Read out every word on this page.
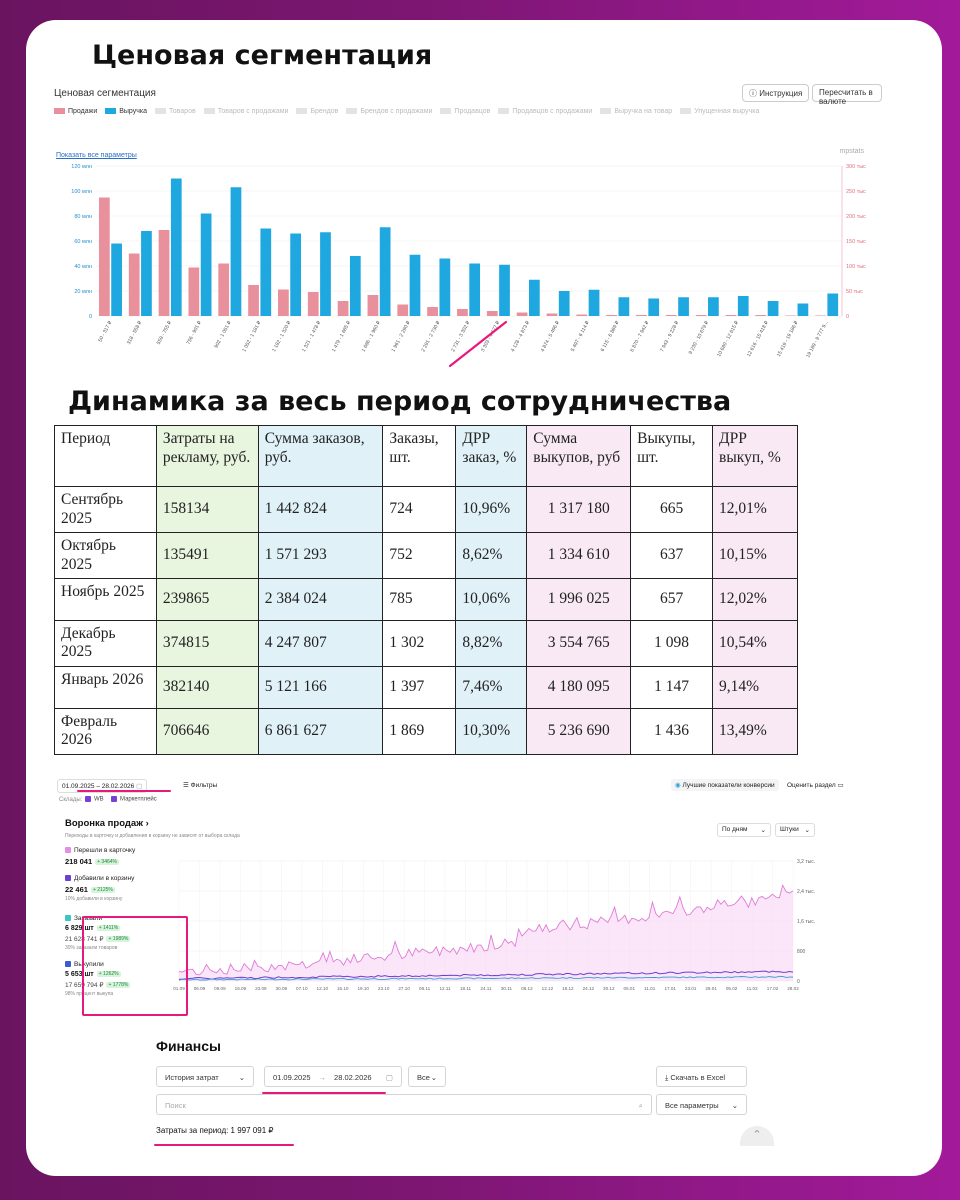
Ценовая сегментация
Ценовая сегментация	ⓘ Инструкция	Пересчитать в валюте
Продажи	Выручка	Товаров	Товаров с продажами	Брендов	Брендов с продажами	Продавцов	Продавцов с продажами	Выручка на товар	Упущенная выручка
Показать все параметры
mpstats
0	0
20 млн	50 тыс
40 млн	100 тыс
60 млн	150 тыс
80 млн	200 тыс
100 млн	250 тыс
120 млн	300 тыс
50 - 317 ₽ 318 - 558 ₽ 559 - 755 ₽ 756 - 901 ₽ 902 - 1 051 ₽ 1 052 - 1 181 ₽ 1 182 - 1 320 ₽ 1 321 - 1 478 ₽ 1 479 - 1 685 ₽ 1 686 - 1 960 ₽ 1 961 - 2 290 ₽ 2 291 - 2 730 ₽ 2 731 - 3 302 ₽ 3 303 - 4 127 ₽ 4 128 - 4 873 ₽ 4 874 - 5 496 ₽ 5 497 - 6 114 ₽ 6 115 - 6 869 ₽ 6 870 - 7 942 ₽ 7 943 - 9 228 ₽ 9 230 - 10 679 ₽ 10 680 - 12 615 ₽ 12 616 - 15 418 ₽ 15 419 - 19 186 ₽ 19 189 - 9 777 9...
Динамика за весь период сотрудничества
Период	Затраты на рекламу, руб.	Сумма заказов, руб.	Заказы, шт.	ДРР заказ, %	Сумма выкупов, руб	Выкупы, шт.	ДРР выкуп, %
Сентябрь 2025	158134	1 442 824	724	10,96%	1 317 180	665	12,01%
Октябрь 2025	135491	1 571 293	752	8,62%	1 334 610	637	10,15%
Ноябрь 2025	239865	2 384 024	785	10,06%	1 996 025	657	12,02%
Декабрь 2025	374815	4 247 807	1 302	8,82%	3 554 765	1 098	10,54%
Январь 2026	382140	5 121 166	1 397	7,46%	4 180 095	1 147	9,14%
Февраль 2026	706646	6 861 627	1 869	10,30%	5 236 690	1 436	13,49%
01.09.2025 – 28.02.2026 ▢	☰ Фильтры	◉ Лучшие показатели конверсии	Оценить раздел ▭
Склады:	WB	Маркетплейс
Воронка продаж ›
Переходы в карточку и добавления в корзину не зависят от выбора склада
По дням ⌄	Штуки ⌄
Перешли в карточку
218 041 + 3464%
Добавили в корзину
22 461 + 2125%
10% добавили в корзину
Заказали
6 829 шт + 1411%
21 628 741 ₽ + 1989%
30% заказали товаров
Выкупили
5 653 шт + 1262%
17 659 794 ₽ + 1778%
98% процент выкупа
3,2 тыс.
2,4 тыс.
1,6 тыс.
800
0
01.09 06.09 09.09 16.09 23.09 30.09 07.10 12.10 15.10 19.10 23.10 27.10 06.11 12.11 18.11 24.11 30.11 06.12 12.12 18.12 24.12 30.12 05.01 11.01 17.01 23.01 29.01 05.02 11.02 17.02 28.02
Финансы
История затрат	⌄	01.09.2025 → 28.02.2026 ▢	Все ⌄	⤓ Скачать в Excel
Поиск	⌕	Все параметры ⌄
Затраты за период: 1 997 091 ₽	⌃
